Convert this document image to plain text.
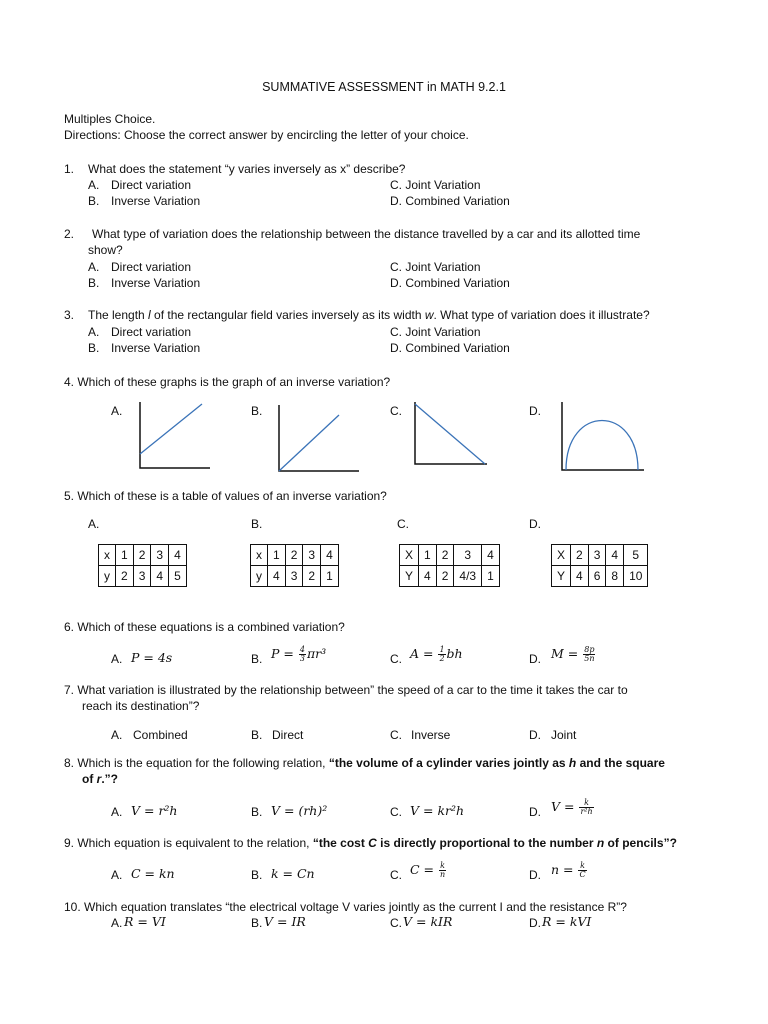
SUMMATIVE ASSESSMENT in MATH 9.2.1
Multiples Choice.
Directions: Choose the correct answer by encircling the letter of your choice.
1. What does the statement “y varies inversely as x” describe?
A. Direct variation
B. Inverse Variation
C. Joint Variation
D. Combined Variation
2. What type of variation does the relationship between the distance travelled by a car and its allotted time
show?
A. Direct variation
B. Inverse Variation
C. Joint Variation
D. Combined Variation
3. The length l of the rectangular field varies inversely as its width w. What type of variation does it illustrate?
A. Direct variation
B. Inverse Variation
C. Joint Variation
D. Combined Variation
4. Which of these graphs is the graph of an inverse variation?
A.	B.	C.	D.
5. Which of these is a table of values of an inverse variation?
A.	B.	C.	D.
x	1	2	3	4
y	2	3	4	5
x	1	2	3	4
y	4	3	2	1
X	1	2	3	4
Y	4	2	4/3	1
X	2	3	4	5
Y	4	6	8	10
6. Which of these equations is a combined variation?
A. P = 4s	B. $P = \frac{4}{3} \pi r^3$	C. $A = \frac{1}{2}$ bh	D. $M = \frac{8p}{5n}$
7. What variation is illustrated by the relationship between” the speed of a car to the time it takes the car to
reach its destination”?
A. Combined	B. Direct	C. Inverse	D. Joint
8. Which is the equation for the following relation, “the volume of a cylinder varies jointly as h and the square
of r.”?
A. V = r²h	B. V = (rh)²	C. V = kr²h	D. $V = \frac{k}{\text{r²h}}$
9. Which equation is equivalent to the relation, “the cost C is directly proportional to the number n of pencils”?
A. C = kn	B. k = Cn	C. $C = \frac{k}{n}$	D. $n = \frac{k}{C}$
10. Which equation translates “the electrical voltage V varies jointly as the current I and the resistance R”?
A. R = VI	B. V = IR	C. V = kIR	D. R = kVI
